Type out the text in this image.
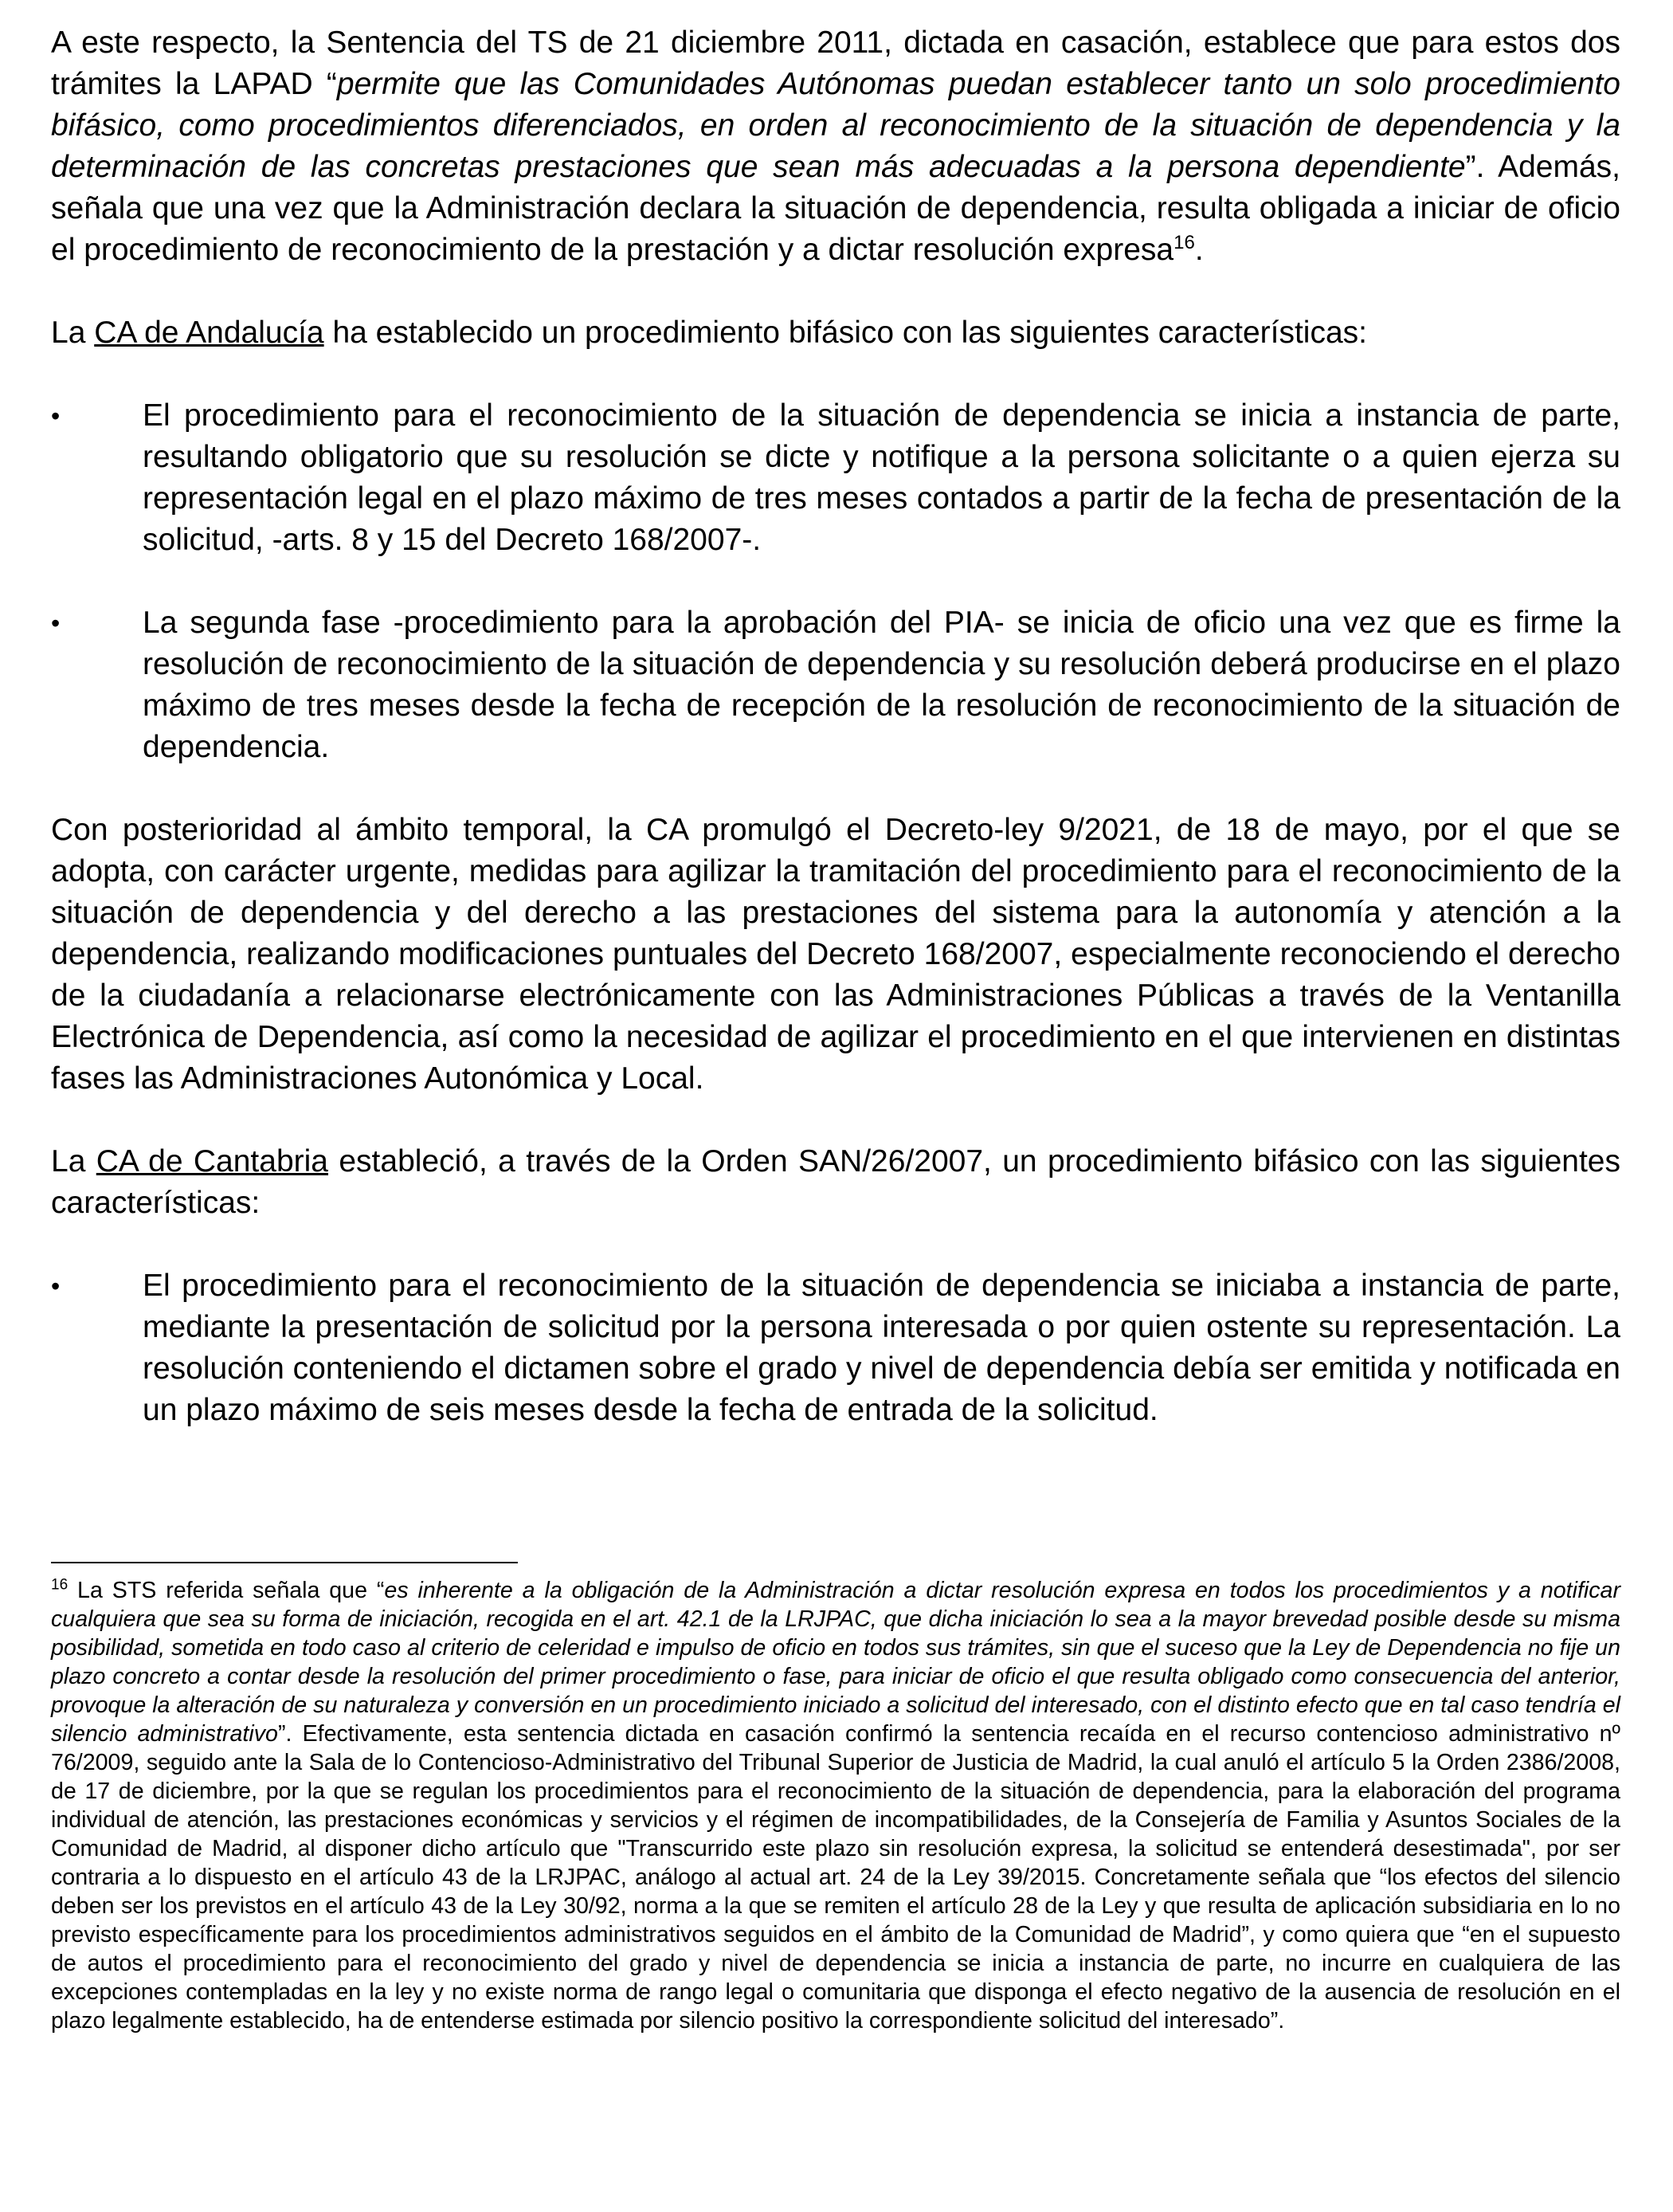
A este respecto, la Sentencia del TS de 21 diciembre 2011, dictada en casación, establece que para estos dos trámites la LAPAD “permite que las Comunidades Autónomas puedan establecer tanto un solo procedimiento bifásico, como procedimientos diferenciados, en orden al reconocimiento de la situación de dependencia y la determinación de las concretas prestaciones que sean más adecuadas a la persona dependiente”. Además, señala que una vez que la Administración declara la situación de dependencia, resulta obligada a iniciar de oficio el procedimiento de reconocimiento de la prestación y a dictar resolución expresa$^{16}$.

La CA de Andalucía ha establecido un procedimiento bifásico con las siguientes características:

•	El procedimiento para el reconocimiento de la situación de dependencia se inicia a instancia de parte, resultando obligatorio que su resolución se dicte y notifique a la persona solicitante o a quien ejerza su representación legal en el plazo máximo de tres meses contados a partir de la fecha de presentación de la solicitud, -arts. 8 y 15 del Decreto 168/2007-.
•	La segunda fase -procedimiento para la aprobación del PIA- se inicia de oficio una vez que es firme la resolución de reconocimiento de la situación de dependencia y su resolución deberá producirse en el plazo máximo de tres meses desde la fecha de recepción de la resolución de reconocimiento de la situación de dependencia.

Con posterioridad al ámbito temporal, la CA promulgó el Decreto-ley 9/2021, de 18 de mayo, por el que se adopta, con carácter urgente, medidas para agilizar la tramitación del procedimiento para el reconocimiento de la situación de dependencia y del derecho a las prestaciones del sistema para la autonomía y atención a la dependencia, realizando modificaciones puntuales del Decreto 168/2007, especialmente reconociendo el derecho de la ciudadanía a relacionarse electrónicamente con las Administraciones Públicas a través de la Ventanilla Electrónica de Dependencia, así como la necesidad de agilizar el procedimiento en el que intervienen en distintas fases las Administraciones Autonómica y Local.

La CA de Cantabria estableció, a través de la Orden SAN/26/2007, un procedimiento bifásico con las siguientes características:

•	El procedimiento para el reconocimiento de la situación de dependencia se iniciaba a instancia de parte, mediante la presentación de solicitud por la persona interesada o por quien ostente su representación. La resolución conteniendo el dictamen sobre el grado y nivel de dependencia debía ser emitida y notificada en un plazo máximo de seis meses desde la fecha de entrada de la solicitud.

$^{16}$ La STS referida señala que “es inherente a la obligación de la Administración a dictar resolución expresa en todos los procedimientos y a notificar cualquiera que sea su forma de iniciación, recogida en el art. 42.1 de la LRJPAC, que dicha iniciación lo sea a la mayor brevedad posible desde su misma posibilidad, sometida en todo caso al criterio de celeridad e impulso de oficio en todos sus trámites, sin que el suceso que la Ley de Dependencia no fije un plazo concreto a contar desde la resolución del primer procedimiento o fase, para iniciar de oficio el que resulta obligado como consecuencia del anterior, provoque la alteración de su naturaleza y conversión en un procedimiento iniciado a solicitud del interesado, con el distinto efecto que en tal caso tendría el silencio administrativo”. Efectivamente, esta sentencia dictada en casación confirmó la sentencia recaída en el recurso contencioso administrativo nº 76/2009, seguido ante la Sala de lo Contencioso-Administrativo del Tribunal Superior de Justicia de Madrid, la cual anuló el artículo 5 la Orden 2386/2008, de 17 de diciembre, por la que se regulan los procedimientos para el reconocimiento de la situación de dependencia, para la elaboración del programa individual de atención, las prestaciones económicas y servicios y el régimen de incompatibilidades, de la Consejería de Familia y Asuntos Sociales de la Comunidad de Madrid, al disponer dicho artículo que "Transcurrido este plazo sin resolución expresa, la solicitud se entenderá desestimada", por ser contraria a lo dispuesto en el artículo 43 de la LRJPAC, análogo al actual art. 24 de la Ley 39/2015. Concretamente señala que “los efectos del silencio deben ser los previstos en el artículo 43 de la Ley 30/92, norma a la que se remiten el artículo 28 de la Ley y que resulta de aplicación subsidiaria en lo no previsto específicamente para los procedimientos administrativos seguidos en el ámbito de la Comunidad de Madrid”, y como quiera que “en el supuesto de autos el procedimiento para el reconocimiento del grado y nivel de dependencia se inicia a instancia de parte, no incurre en cualquiera de las excepciones contempladas en la ley y no existe norma de rango legal o comunitaria que disponga el efecto negativo de la ausencia de resolución en el plazo legalmente establecido, ha de entenderse estimada por silencio positivo la correspondiente solicitud del interesado”.
